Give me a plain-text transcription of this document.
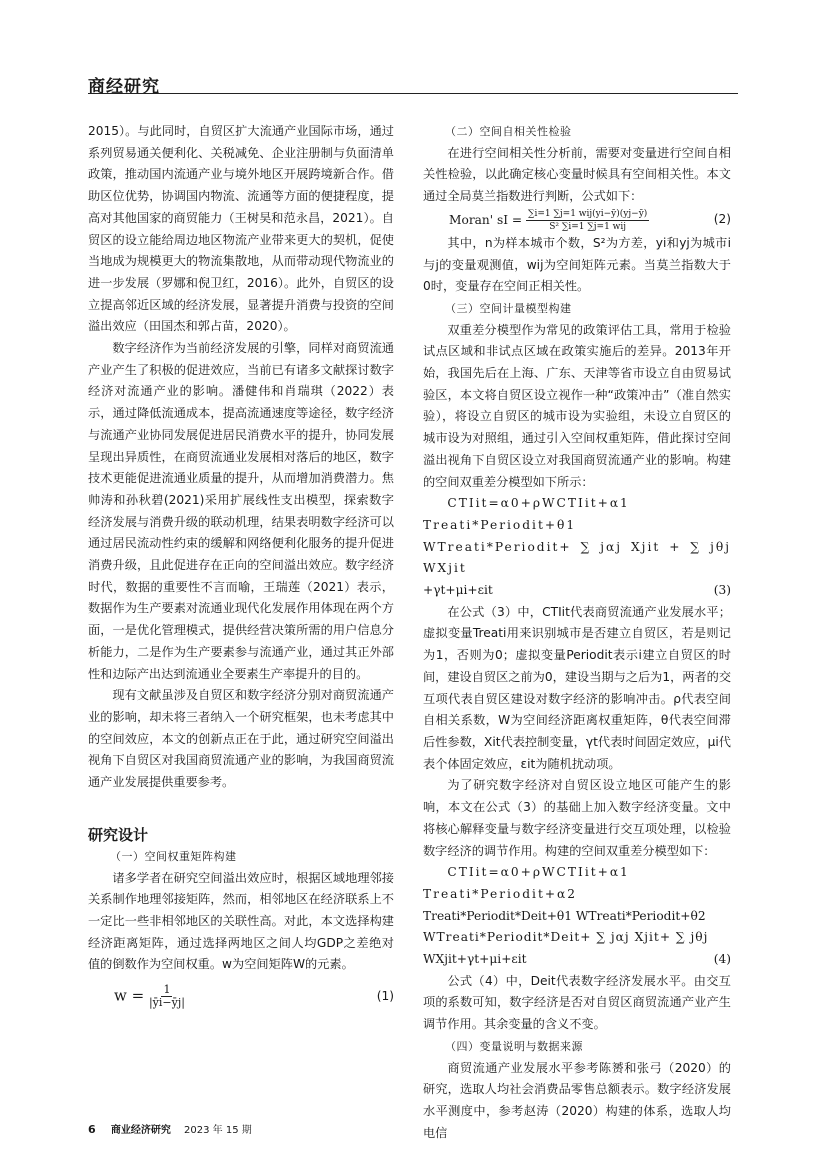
商经研究

2015）。与此同时，自贸区扩大流通产业国际市场，通过系列贸易通关便利化、关税减免、企业注册制与负面清单政策，推动国内流通产业与境外地区开展跨境新合作。借助区位优势，协调国内物流、流通等方面的便捷程度，提高对其他国家的商贸能力（王树昊和范永昌，2021）。自贸区的设立能给周边地区物流产业带来更大的契机，促使当地成为规模更大的物流集散地，从而带动现代物流业的进一步发展（罗娜和倪卫红，2016）。此外，自贸区的设立提高邻近区域的经济发展，显著提升消费与投资的空间溢出效应（田国杰和郭占苗，2020）。

数字经济作为当前经济发展的引擎，同样对商贸流通产业产生了积极的促进效应，当前已有诸多文献探讨数字经济对流通产业的影响。潘健伟和肖瑞琪（2022）表示，通过降低流通成本，提高流通速度等途径，数字经济与流通产业协同发展促进居民消费水平的提升，协同发展呈现出异质性，在商贸流通业发展相对落后的地区，数字技术更能促进流通业质量的提升，从而增加消费潜力。焦帅涛和孙秋碧(2021)采用扩展线性支出模型，探索数字经济发展与消费升级的联动机理，结果表明数字经济可以通过居民流动性约束的缓解和网络便利化服务的提升促进消费升级，且此促进存在正向的空间溢出效应。数字经济时代，数据的重要性不言而喻，王瑞莲（2021）表示，数据作为生产要素对流通业现代化发展作用体现在两个方面，一是优化管理模式，提供经营决策所需的用户信息分析能力，二是作为生产要素参与流通产业，通过其正外部性和边际产出达到流通业全要素生产率提升的目的。

现有文献虽涉及自贸区和数字经济分别对商贸流通产业的影响，却未将三者纳入一个研究框架，也未考虑其中的空间效应，本文的创新点正在于此，通过研究空间溢出视角下自贸区对我国商贸流通产业的影响，为我国商贸流通产业发展提供重要参考。

研究设计

（一）空间权重矩阵构建

诸多学者在研究空间溢出效应时，根据区域地理邻接关系制作地理邻接矩阵，然而，相邻地区在经济联系上不一定比一些非相邻地区的关联性高。对此，本文选择构建经济距离矩阵，通过选择两地区之间人均GDP之差绝对值的倒数作为空间权重。w为空间矩阵W的元素。

$w = \frac{1}{|ȳi-ȳj|}$	(1)

（二）空间自相关性检验

在进行空间相关性分析前，需要对变量进行空间自相关性检验，以此确定核心变量时候具有空间相关性。本文通过全局莫兰指数进行判断，公式如下：

Moran' sI = $\frac{\text{∑i=1 ∑j=1 wij(yi−ȳ)(yj−ȳ)}}{\text{S² ∑i=1 ∑j=1 wij}}$	(2)

其中，n为样本城市个数，S²为方差，yi和yj为城市i与j的变量观测值，wij为空间矩阵元素。当莫兰指数大于0时，变量存在空间正相关性。

（三）空间计量模型构建

双重差分模型作为常见的政策评估工具，常用于检验试点区域和非试点区域在政策实施后的差异。2013年开始，我国先后在上海、广东、天津等省市设立自由贸易试验区，本文将自贸区设立视作一种“政策冲击”（准自然实验），将设立自贸区的城市设为实验组，未设立自贸区的城市设为对照组，通过引入空间权重矩阵，借此探讨空间溢出视角下自贸区设立对我国商贸流通产业的影响。构建的空间双重差分模型如下所示：

CTIit=α0+ρWCTIit+α1 Treati*Periodit+θ1

WTreati*Periodit+ ∑ jαj Xjit + ∑ jθj WXjit

+γt+μi+εit	(3)

在公式（3）中，CTIit代表商贸流通产业发展水平；虚拟变量Treati用来识别城市是否建立自贸区，若是则记为1，否则为0；虚拟变量Periodit表示i建立自贸区的时间，建设自贸区之前为0，建设当期与之后为1，两者的交互项代表自贸区建设对数字经济的影响冲击。ρ代表空间自相关系数，W为空间经济距离权重矩阵，θ代表空间滞后性参数，Xit代表控制变量，γt代表时间固定效应，μi代表个体固定效应，εit为随机扰动项。

为了研究数字经济对自贸区设立地区可能产生的影响，本文在公式（3）的基础上加入数字经济变量。文中将核心解释变量与数字经济变量进行交互项处理，以检验数字经济的调节作用。构建的空间双重差分模型如下：

CTIit=α0+ρWCTIit+α1 Treati*Periodit+α2

Treati*Periodit*Deit+θ1 WTreati*Periodit+θ2

WTreati*Periodit*Deit+ ∑ jαj Xjit+ ∑ jθj

WXjit+γt+μi+εit	(4)

公式（4）中，Deit代表数字经济发展水平。由交互项的系数可知，数字经济是否对自贸区商贸流通产业产生调节作用。其余变量的含义不变。

（四）变量说明与数据来源

商贸流通产业发展水平参考陈赟和张弓（2020）的研究，选取人均社会消费品零售总额表示。数字经济发展水平测度中，参考赵涛（2020）构建的体系，选取人均电信

6 商业经济研究 2023 年 15 期
